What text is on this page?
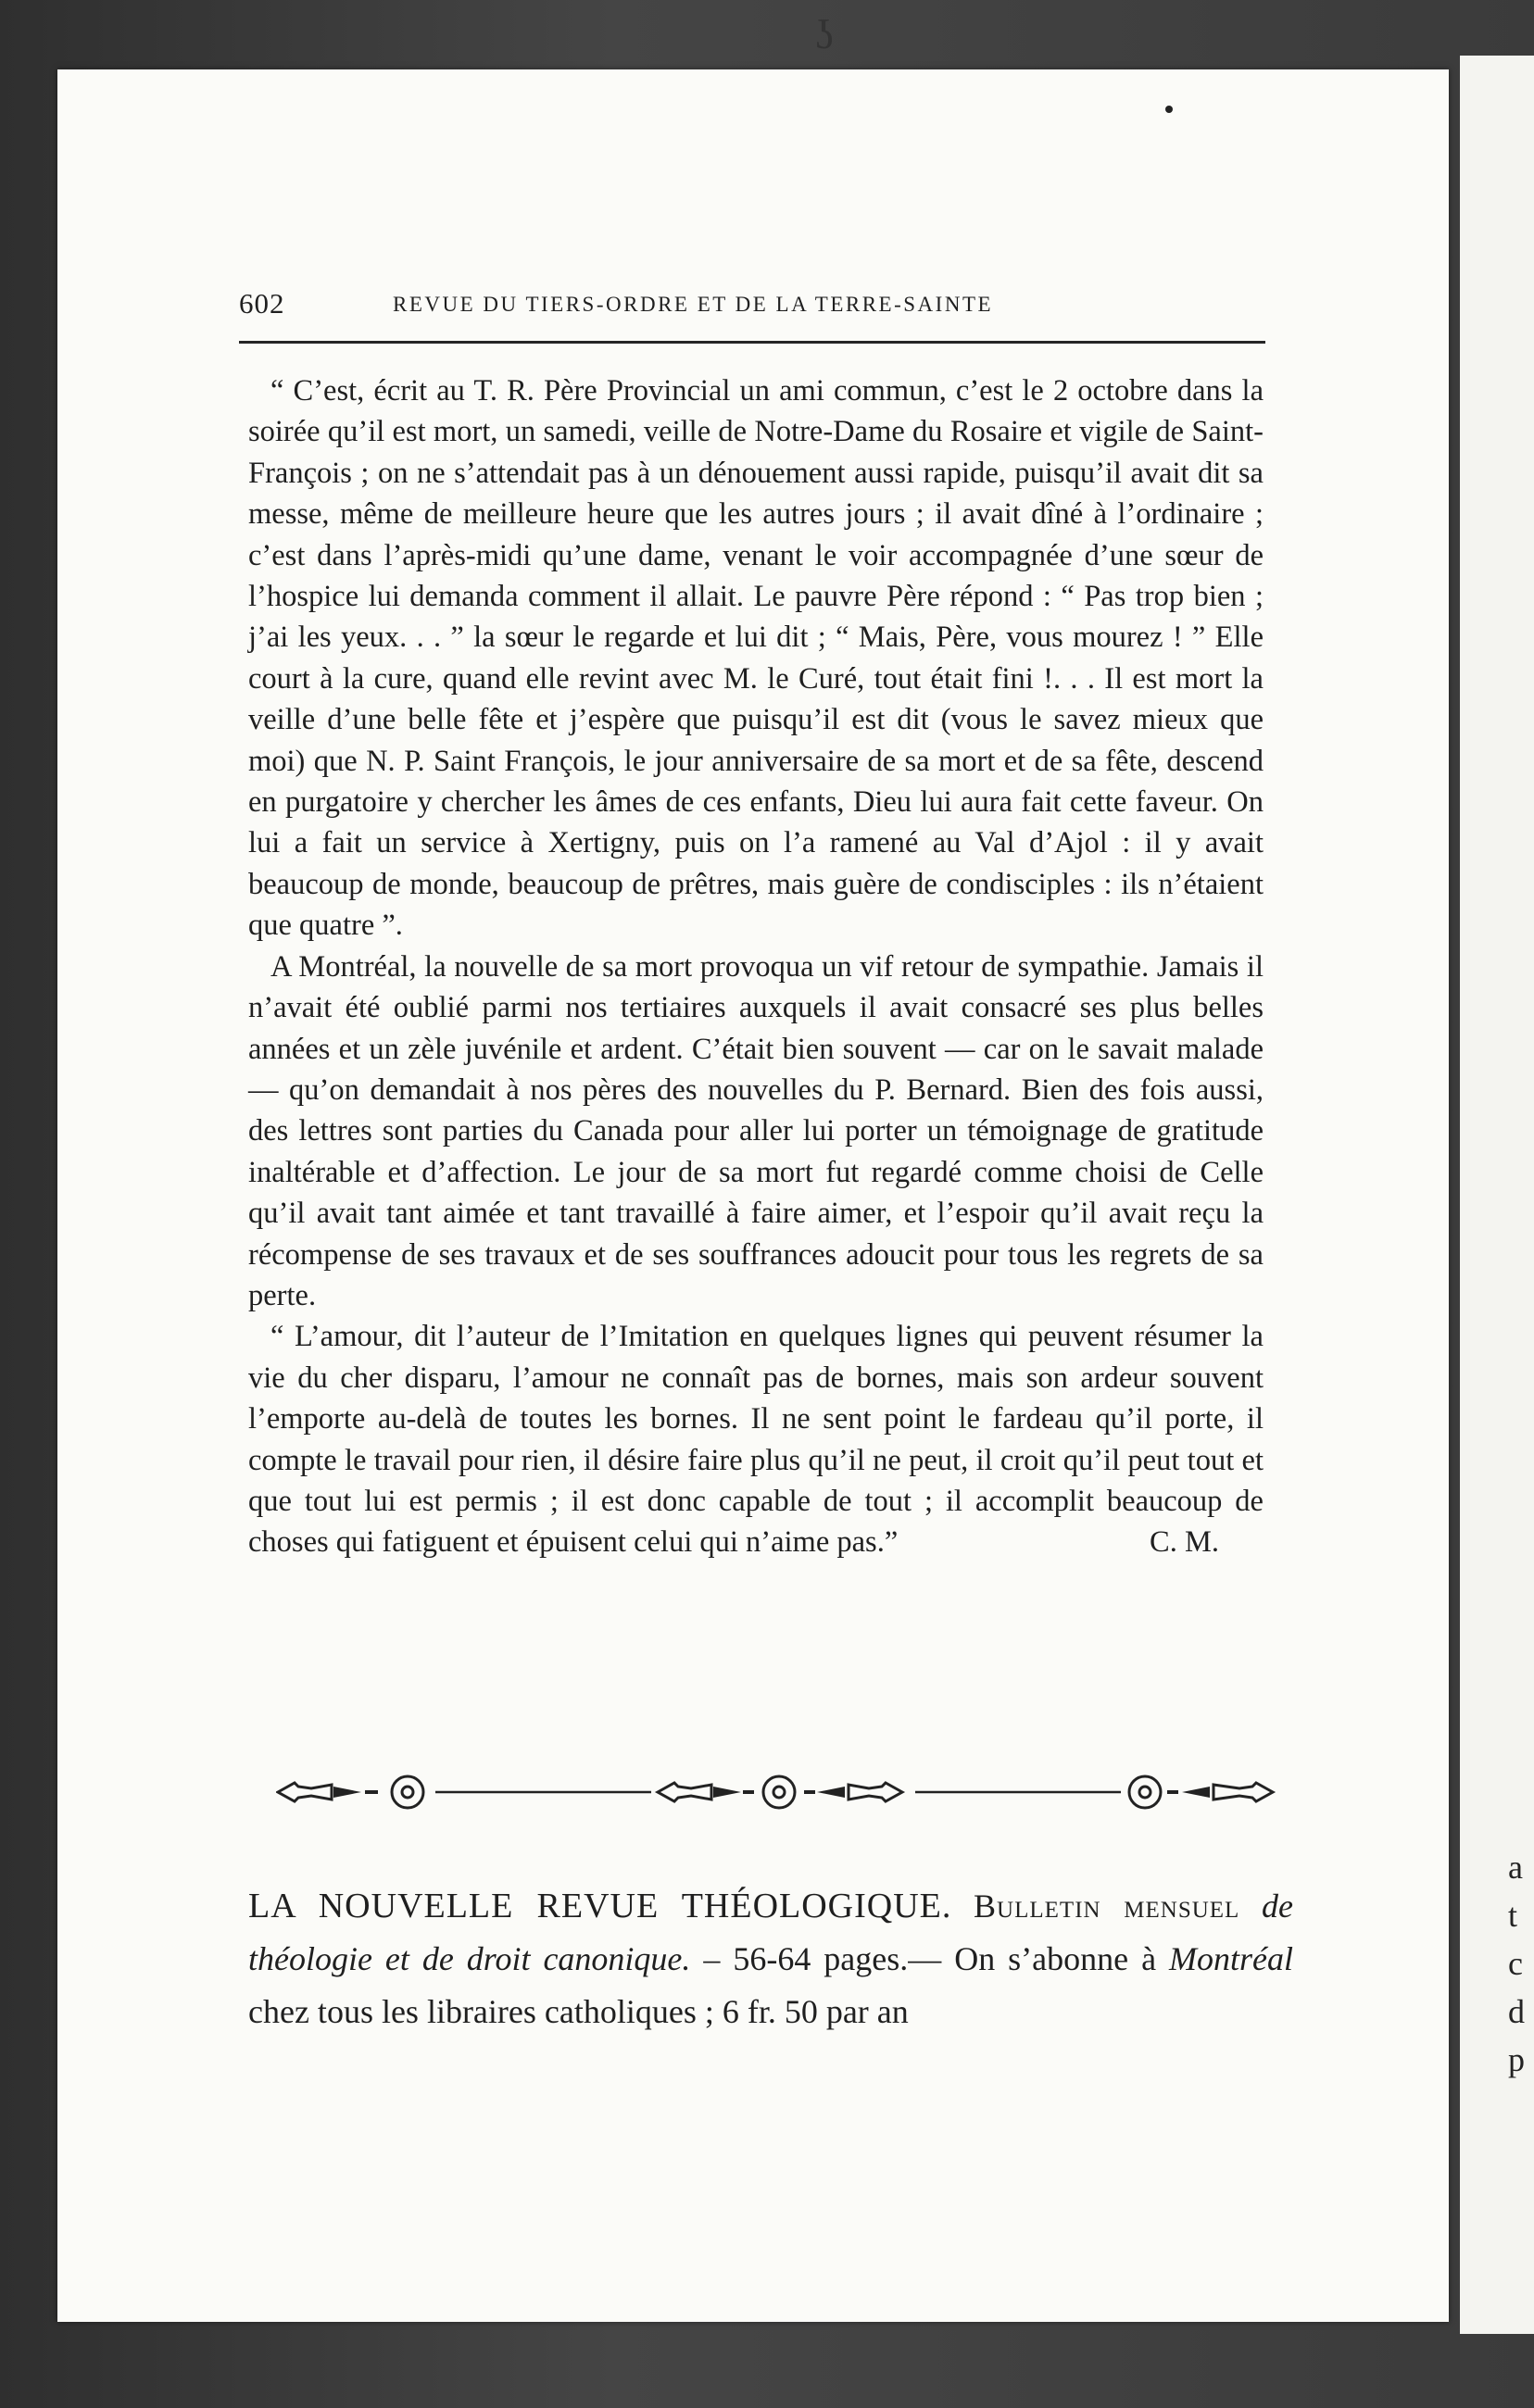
a t c d p
ʖ
602	REVUE DU TIERS-ORDRE ET DE LA TERRE-SAINTE

“ C’est, écrit au T. R. Père Provincial un ami commun, c’est le 2 octobre dans la soirée qu’il est mort, un samedi, veille de Notre-Dame du Rosaire et vigile de Saint-François ; on ne s’attendait pas à un dénouement aussi rapide, puisqu’il avait dit sa messe, même de meilleure heure que les autres jours ; il avait dîné à l’ordinaire ; c’est dans l’après-midi qu’une dame, venant le voir accompagnée d’une sœur de l’hospice lui demanda comment il allait. Le pauvre Père répond : “ Pas trop bien ; j’ai les yeux. . . ” la sœur le regarde et lui dit ; “ Mais, Père, vous mourez ! ” Elle court à la cure, quand elle revint avec M. le Curé, tout était fini !. . . Il est mort la veille d’une belle fête et j’espère que puisqu’il est dit (vous le savez mieux que moi) que N. P. Saint François, le jour anniversaire de sa mort et de sa fête, descend en purgatoire y chercher les âmes de ces enfants, Dieu lui aura fait cette faveur. On lui a fait un service à Xertigny, puis on l’a ramené au Val d’Ajol : il y avait beaucoup de monde, beaucoup de prêtres, mais guère de condisciples : ils n’étaient que quatre ”.

A Montréal, la nouvelle de sa mort provoqua un vif retour de sympathie. Jamais il n’avait été oublié parmi nos tertiaires auxquels il avait consacré ses plus belles années et un zèle juvénile et ardent. C’était bien souvent — car on le savait malade — qu’on demandait à nos pères des nouvelles du P. Bernard. Bien des fois aussi, des lettres sont parties du Canada pour aller lui porter un témoignage de gratitude inaltérable et d’affection. Le jour de sa mort fut regardé comme choisi de Celle qu’il avait tant aimée et tant travaillé à faire aimer, et l’espoir qu’il avait reçu la récompense de ses travaux et de ses souffrances adoucit pour tous les regrets de sa perte.

“ L’amour, dit l’auteur de l’Imitation en quelques lignes qui peuvent résumer la vie du cher disparu, l’amour ne connaît pas de bornes, mais son ardeur souvent l’emporte au-delà de toutes les bornes. Il ne sent point le fardeau qu’il porte, il compte le travail pour rien, il désire faire plus qu’il ne peut, il croit qu’il peut tout et que tout lui est permis ; il est donc capable de tout ; il accomplit beaucoup de choses qui fatiguent et épuisent celui qui n’aime pas.”	C. M.

LA NOUVELLE REVUE THÉOLOGIQUE. Bulletin mensuel de théologie et de droit canonique. – 56-64 pages.— On s’abonne à Montréal chez tous les libraires catholiques ; 6 fr. 50 par an
